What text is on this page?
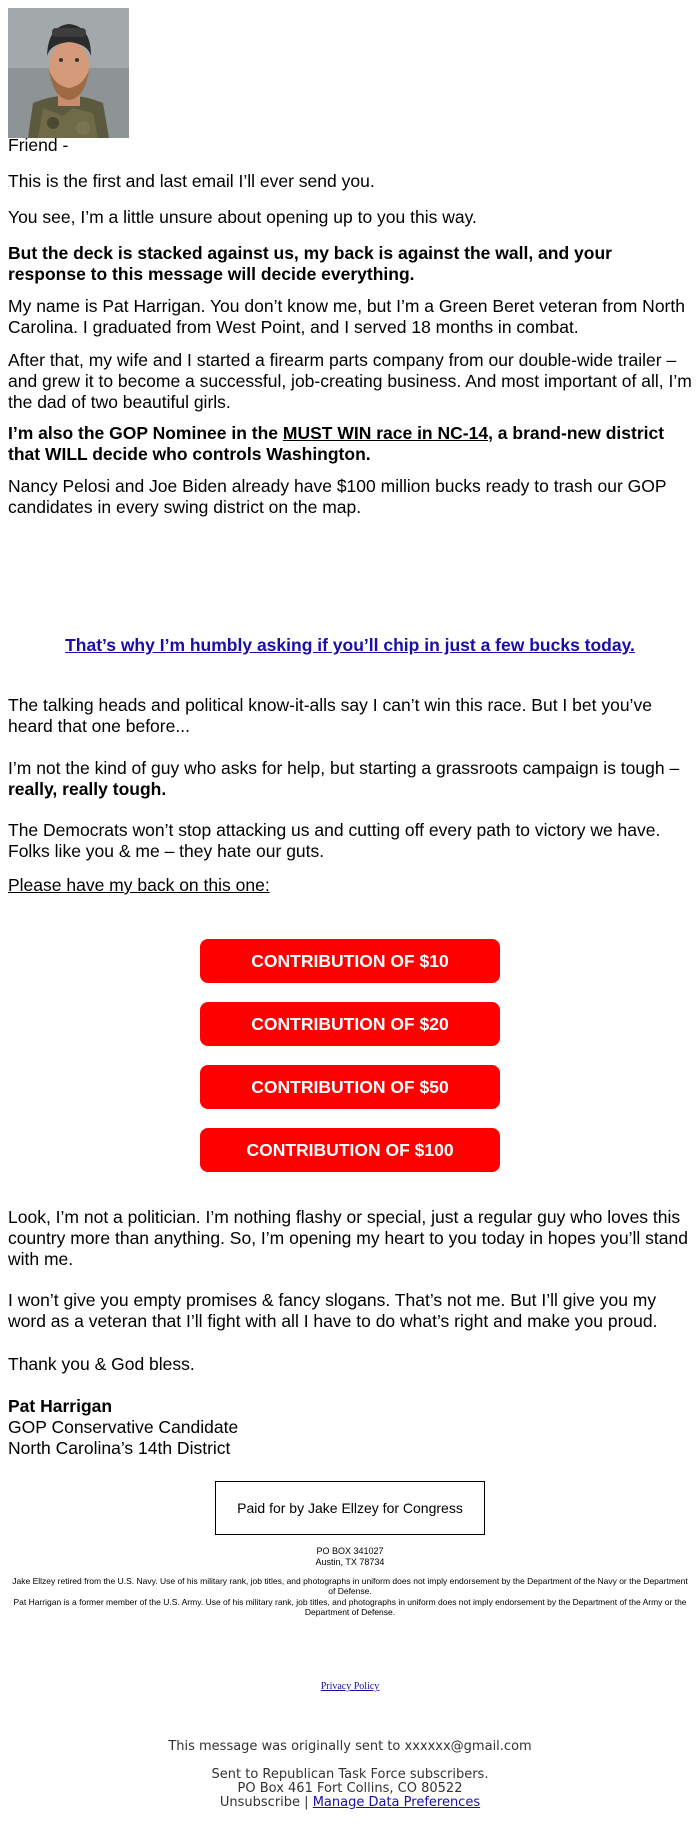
Friend -
This is the first and last email I’ll ever send you.
You see, I’m a little unsure about opening up to you this way.
But the deck is stacked against us, my back is against the wall, and your response to this message will decide everything.
My name is Pat Harrigan. You don’t know me, but I’m a Green Beret veteran from North Carolina. I graduated from West Point, and I served 18 months in combat.
After that, my wife and I started a firearm parts company from our double-wide trailer – and grew it to become a successful, job-creating business. And most important of all, I’m the dad of two beautiful girls.
I’m also the GOP Nominee in the MUST WIN race in NC-14, a brand-new district that WILL decide who controls Washington.
Nancy Pelosi and Joe Biden already have $100 million bucks ready to trash our GOP candidates in every swing district on the map.
That’s why I’m humbly asking if you’ll chip in just a few bucks today.
The talking heads and political know-it-alls say I can’t win this race. But I bet you’ve heard that one before...
I’m not the kind of guy who asks for help, but starting a grassroots campaign is tough – really, really tough.
The Democrats won’t stop attacking us and cutting off every path to victory we have. Folks like you & me – they hate our guts.
Please have my back on this one:
CONTRIBUTION OF $10
CONTRIBUTION OF $20
CONTRIBUTION OF $50
CONTRIBUTION OF $100
Look, I’m not a politician. I’m nothing flashy or special, just a regular guy who loves this country more than anything. So, I’m opening my heart to you today in hopes you’ll stand with me.
I won’t give you empty promises & fancy slogans. That’s not me. But I’ll give you my word as a veteran that I’ll fight with all I have to do what’s right and make you proud.
Thank you & God bless.
Pat Harrigan
GOP Conservative Candidate
North Carolina’s 14th District
Paid for by Jake Ellzey for Congress
PO BOX 341027
Austin, TX 78734
Jake Ellzey retired from the U.S. Navy. Use of his military rank, job titles, and photographs in uniform does not imply endorsement by the Department of the Navy or the Department of Defense.
Pat Harrigan is a former member of the U.S. Army. Use of his military rank, job titles, and photographs in uniform does not imply endorsement by the Department of the Army or the Department of Defense.
Privacy Policy
This message was originally sent to xxxxxx@gmail.com
Sent to Republican Task Force subscribers.
PO Box 461 Fort Collins, CO 80522
Unsubscribe | Manage Data Preferences
